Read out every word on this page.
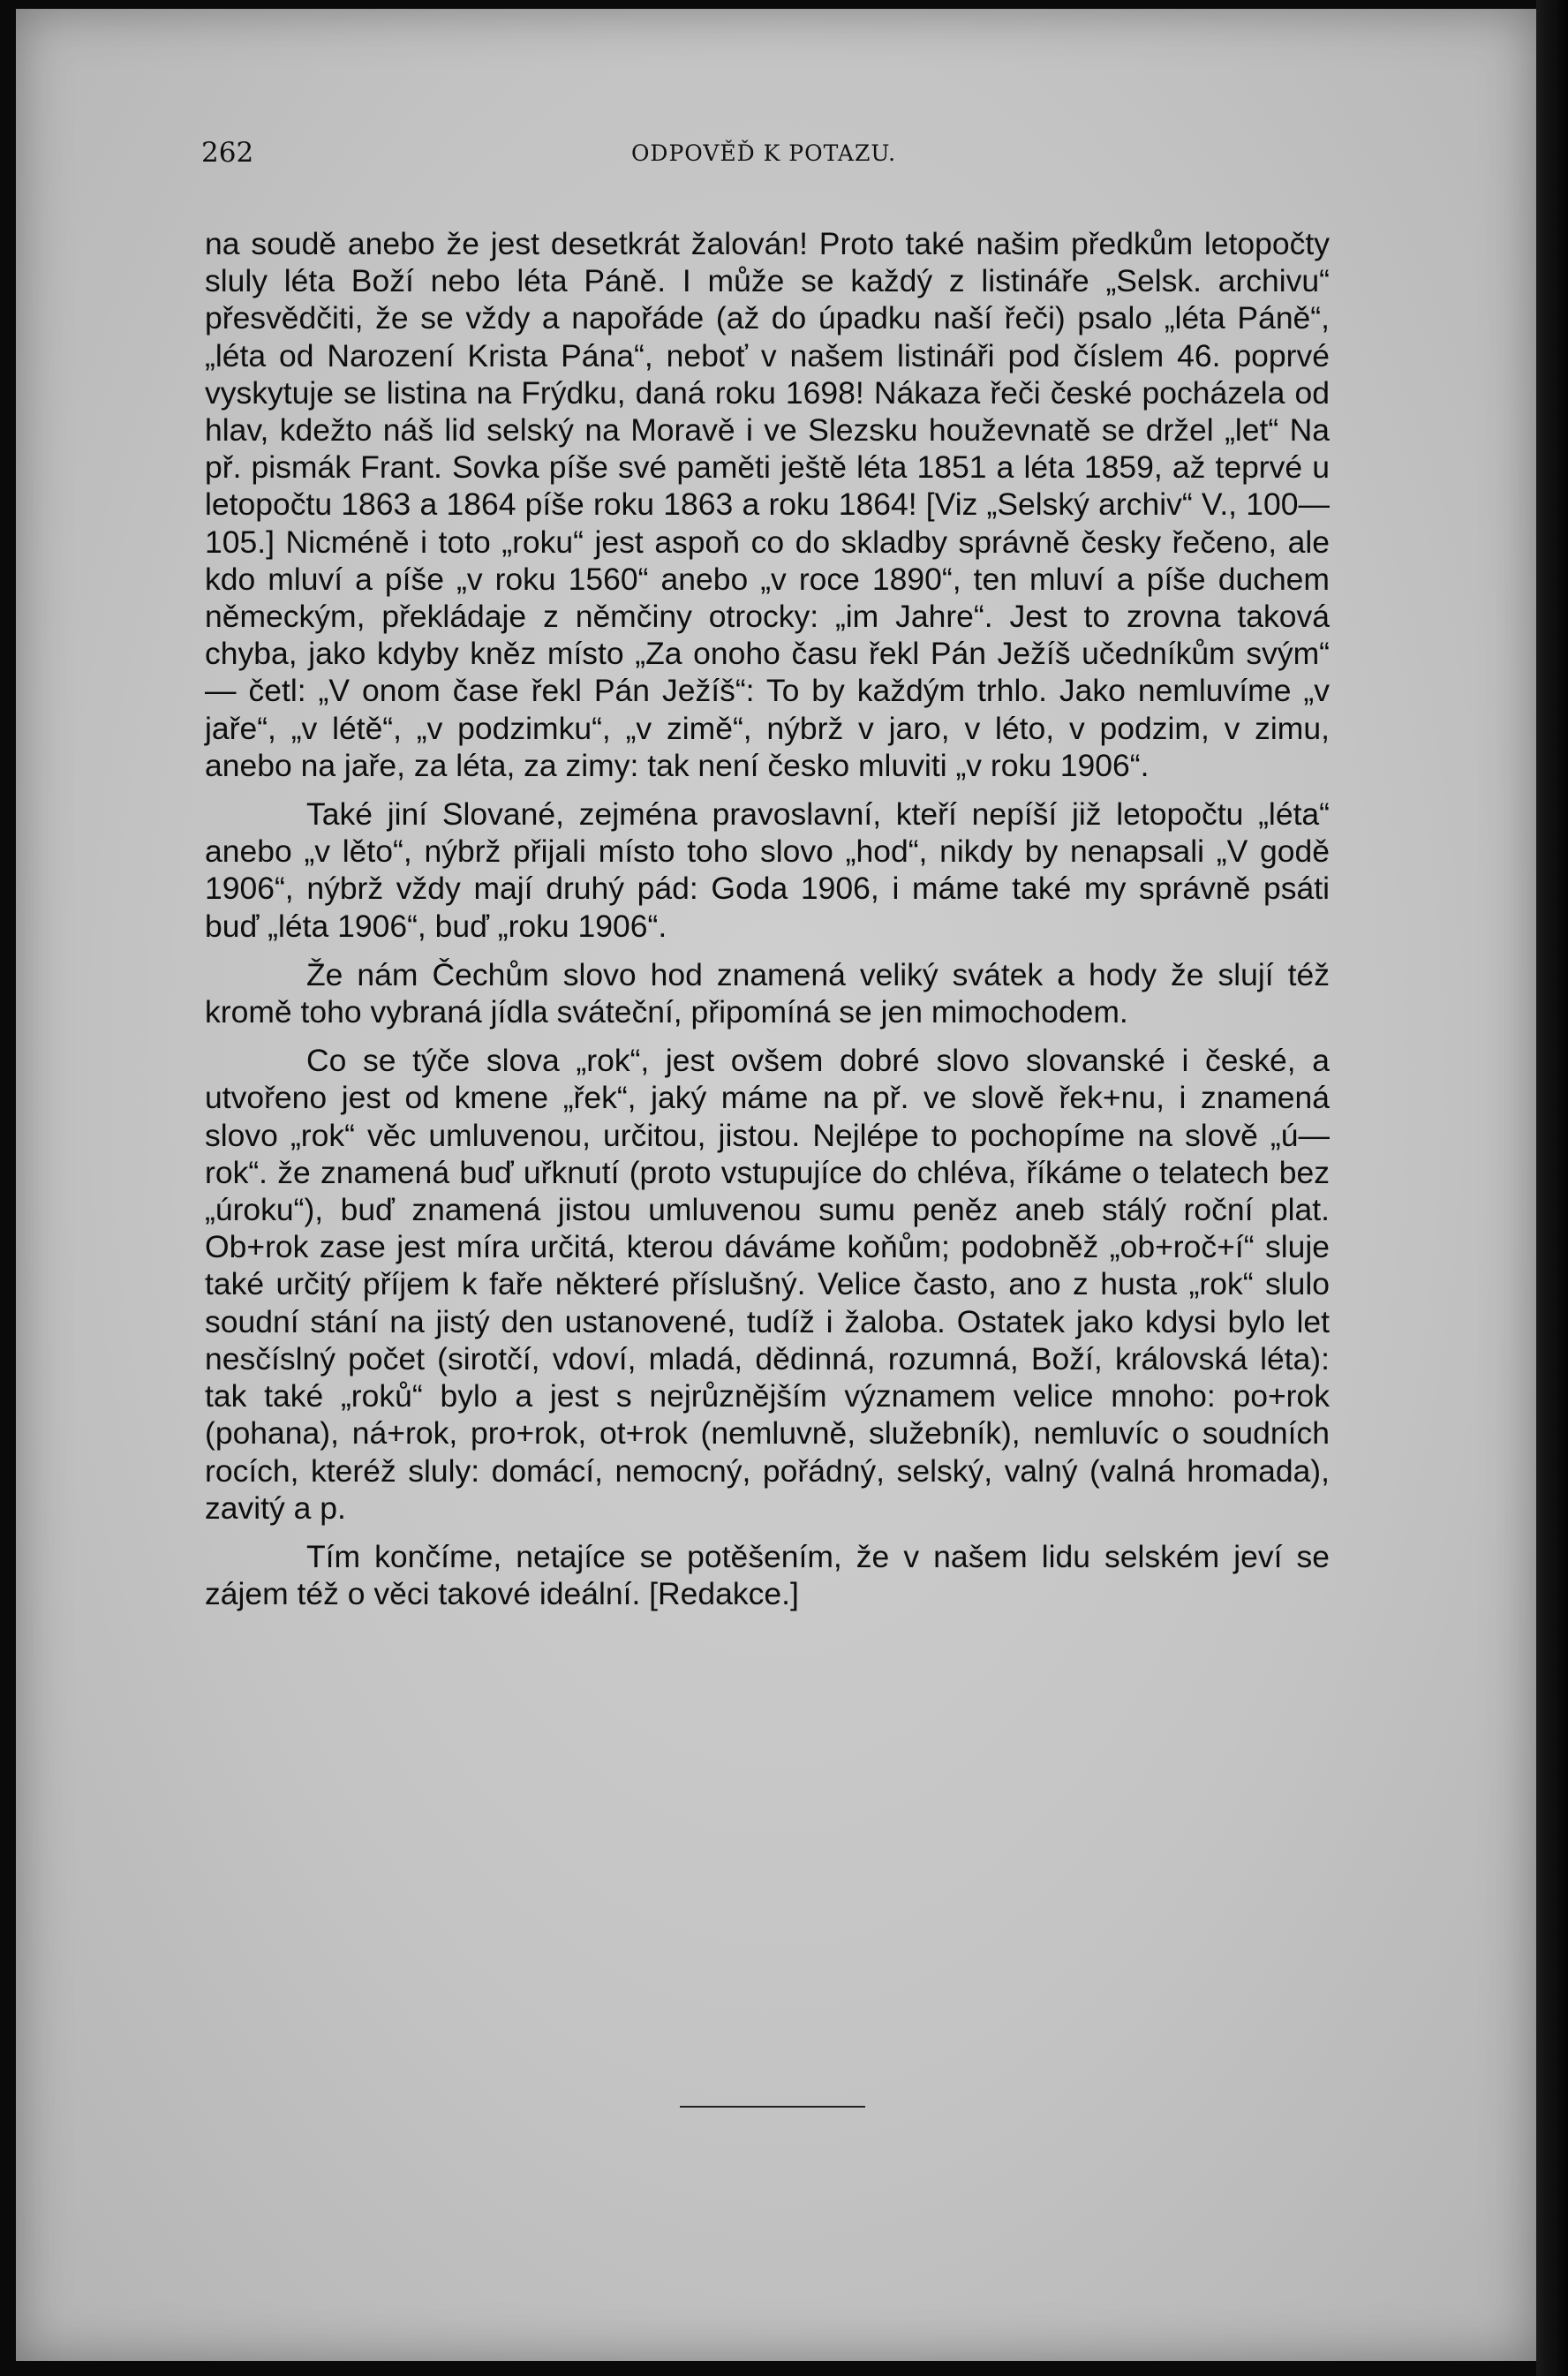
262	ODPOVĚĎ K POTAZU.

na soudě anebo že jest desetkrát žalován! Proto také našim předkům letopočty sluly léta Boží nebo léta Páně. I může se každý z listináře „Selsk. archivu“ přesvědčiti, že se vždy a napořáde (až do úpadku naší řeči) psalo „léta Páně“, „léta od Narození Krista Pána“, neboť v našem listináři pod číslem 46. poprvé vyskytuje se listina na Frýdku, daná roku 1698! Nákaza řeči české pocházela od hlav, kdežto náš lid selský na Moravě i ve Slezsku houževnatě se držel „let“ Na př. pismák Frant. Sovka píše své paměti ještě léta 1851 a léta 1859, až teprvé u letopočtu 1863 a 1864 píše roku 1863 a roku 1864! [Viz „Selský archiv“ V., 100—105.] Nicméně i toto „roku“ jest aspoň co do skladby správně česky řečeno, ale kdo mluví a píše „v roku 1560“ anebo „v roce 1890“, ten mluví a píše duchem německým, překládaje z němčiny otrocky: „im Jahre“. Jest to zrovna taková chyba, jako kdyby kněz místo „Za onoho času řekl Pán Ježíš učedníkům svým“ — četl: „V onom čase řekl Pán Ježíš“: To by každým trhlo. Jako nemluvíme „v jaře“, „v létě“, „v podzimku“, „v zimě“, nýbrž v jaro, v léto, v podzim, v zimu, anebo na jaře, za léta, za zimy: tak není česko mluviti „v roku 1906“.

Také jiní Slované, zejména pravoslavní, kteří nepíší již letopočtu „léta“ anebo „v lěto“, nýbrž přijali místo toho slovo „hod“, nikdy by nenapsali „V godě 1906“, nýbrž vždy mají druhý pád: Goda 1906, i máme také my správně psáti buď „léta 1906“, buď „roku 1906“.

Že nám Čechům slovo hod znamená veliký svátek a hody že slují též kromě toho vybraná jídla sváteční, připomíná se jen mimochodem.

Co se týče slova „rok“, jest ovšem dobré slovo slovanské i české, a utvořeno jest od kmene „řek“, jaký máme na př. ve slově řek+nu, i znamená slovo „rok“ věc umluvenou, určitou, jistou. Nejlépe to pochopíme na slově „ú—rok“. že znamená buď uřknutí (proto vstupujíce do chléva, říkáme o telatech bez „úroku“), buď znamená jistou umluvenou sumu peněz aneb stálý roční plat. Ob+rok zase jest míra určitá, kterou dáváme koňům; podobněž „ob+roč+í“ sluje také určitý příjem k faře některé příslušný. Velice často, ano z husta „rok“ slulo soudní stání na jistý den ustanovené, tudíž i žaloba. Ostatek jako kdysi bylo let nesčíslný počet (sirotčí, vdoví, mladá, dědinná, rozumná, Boží, královská léta): tak také „roků“ bylo a jest s nejrůznějším významem velice mnoho: po+rok (pohana), ná+rok, pro+rok, ot+rok (nemluvně, služebník), nemluvíc o soudních rocích, kteréž sluly: domácí, nemocný, pořádný, selský, valný (valná hromada), zavitý a p.

Tím končíme, netajíce se potěšením, že v našem lidu selském jeví se zájem též o věci takové ideální. [Redakce.]
